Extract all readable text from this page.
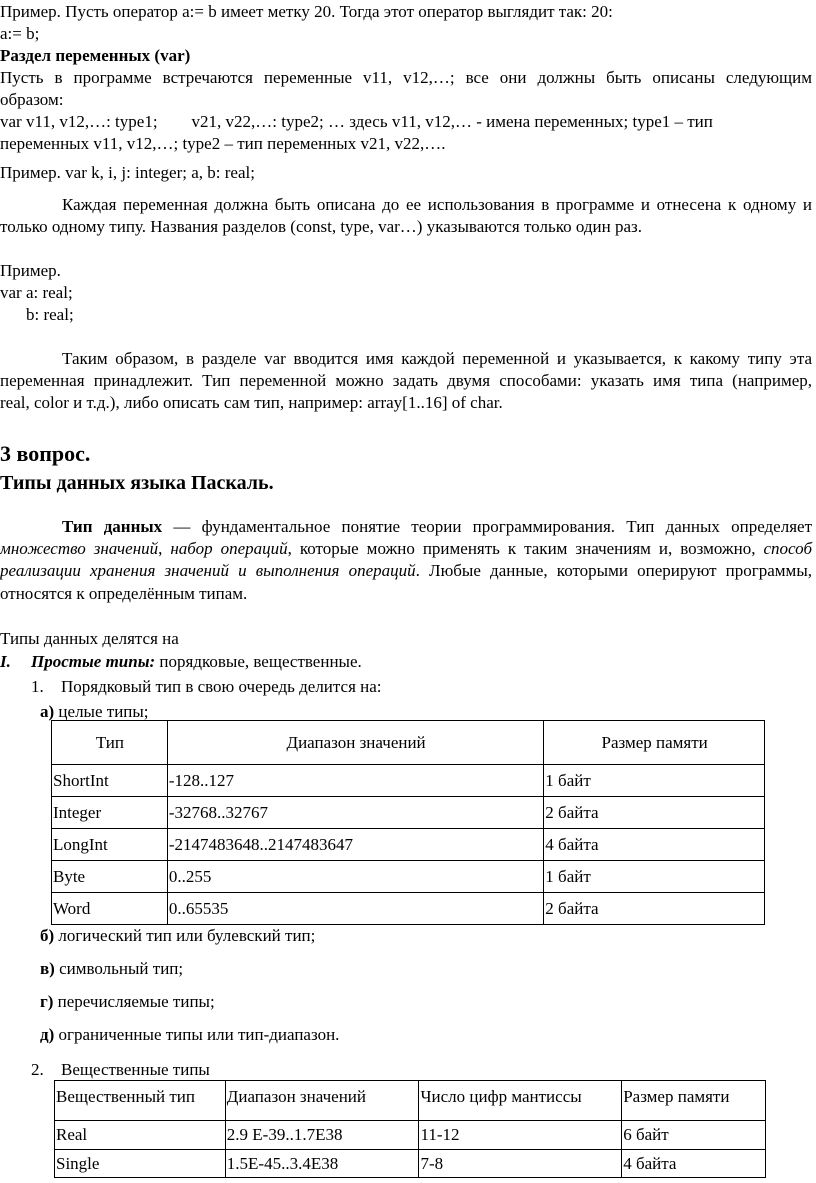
Пример. Пусть оператор а:= b имеет метку 20. Тогда этот оператор выглядит так: 20:
а:= b;
Раздел переменных (var)
Пусть в программе встречаются переменные v11, v12,…; все они должны быть описаны следующим
образом:
var v11, v12,…: type1;        v21, v22,…: type2; … здесь v11, v12,… - имена переменных; type1 – тип
переменных v11, v12,…; type2 – тип переменных v21, v22,….
Пример. var k, i, j: integer; a, b: real;
Каждая переменная должна быть описана до ее использования в программе и отнесена к одному и
только одному типу. Названия разделов (const, type, var…) указываются только один раз.
Пример.
var a: real;
b: real;
Таким образом, в разделе var вводится имя каждой переменной и указывается, к какому типу эта
переменная принадлежит. Тип переменной можно задать двумя способами: указать имя типа (например,
real, color и т.д.), либо описать сам тип, например: array[1..16] of char.
3 вопрос.
Типы данных языка Паскаль.
Тип данных — фундаментальное понятие теории программирования. Тип данных определяет
множество значений, набор операций, которые можно применять к таким значениям и, возможно, способ
реализации хранения значений и выполнения операций. Любые данные, которыми оперируют программы,
относятся к определённым типам.
Типы данных делятся на
I. Простые типы: порядковые, вещественные.
1. Порядковый тип в свою очередь делится на:
а) целые типы;
Тип	Диапазон значений	Размер памяти
ShortInt	-128..127	1 байт
Integer	-32768..32767	2 байта
LongInt	-2147483648..2147483647	4 байта
Byte	0..255	1 байт
Word	0..65535	2 байта
б) логический тип или булевский тип;
в) символьный тип;
г) перечисляемые типы;
д) ограниченные типы или тип-диапазон.
2. Вещественные типы
Вещественный тип	Диапазон значений	Число цифр мантиссы	Размер памяти
Real	2.9 E-39..1.7E38	11-12	6 байт
Single	1.5E-45..3.4E38	7-8	4 байта
